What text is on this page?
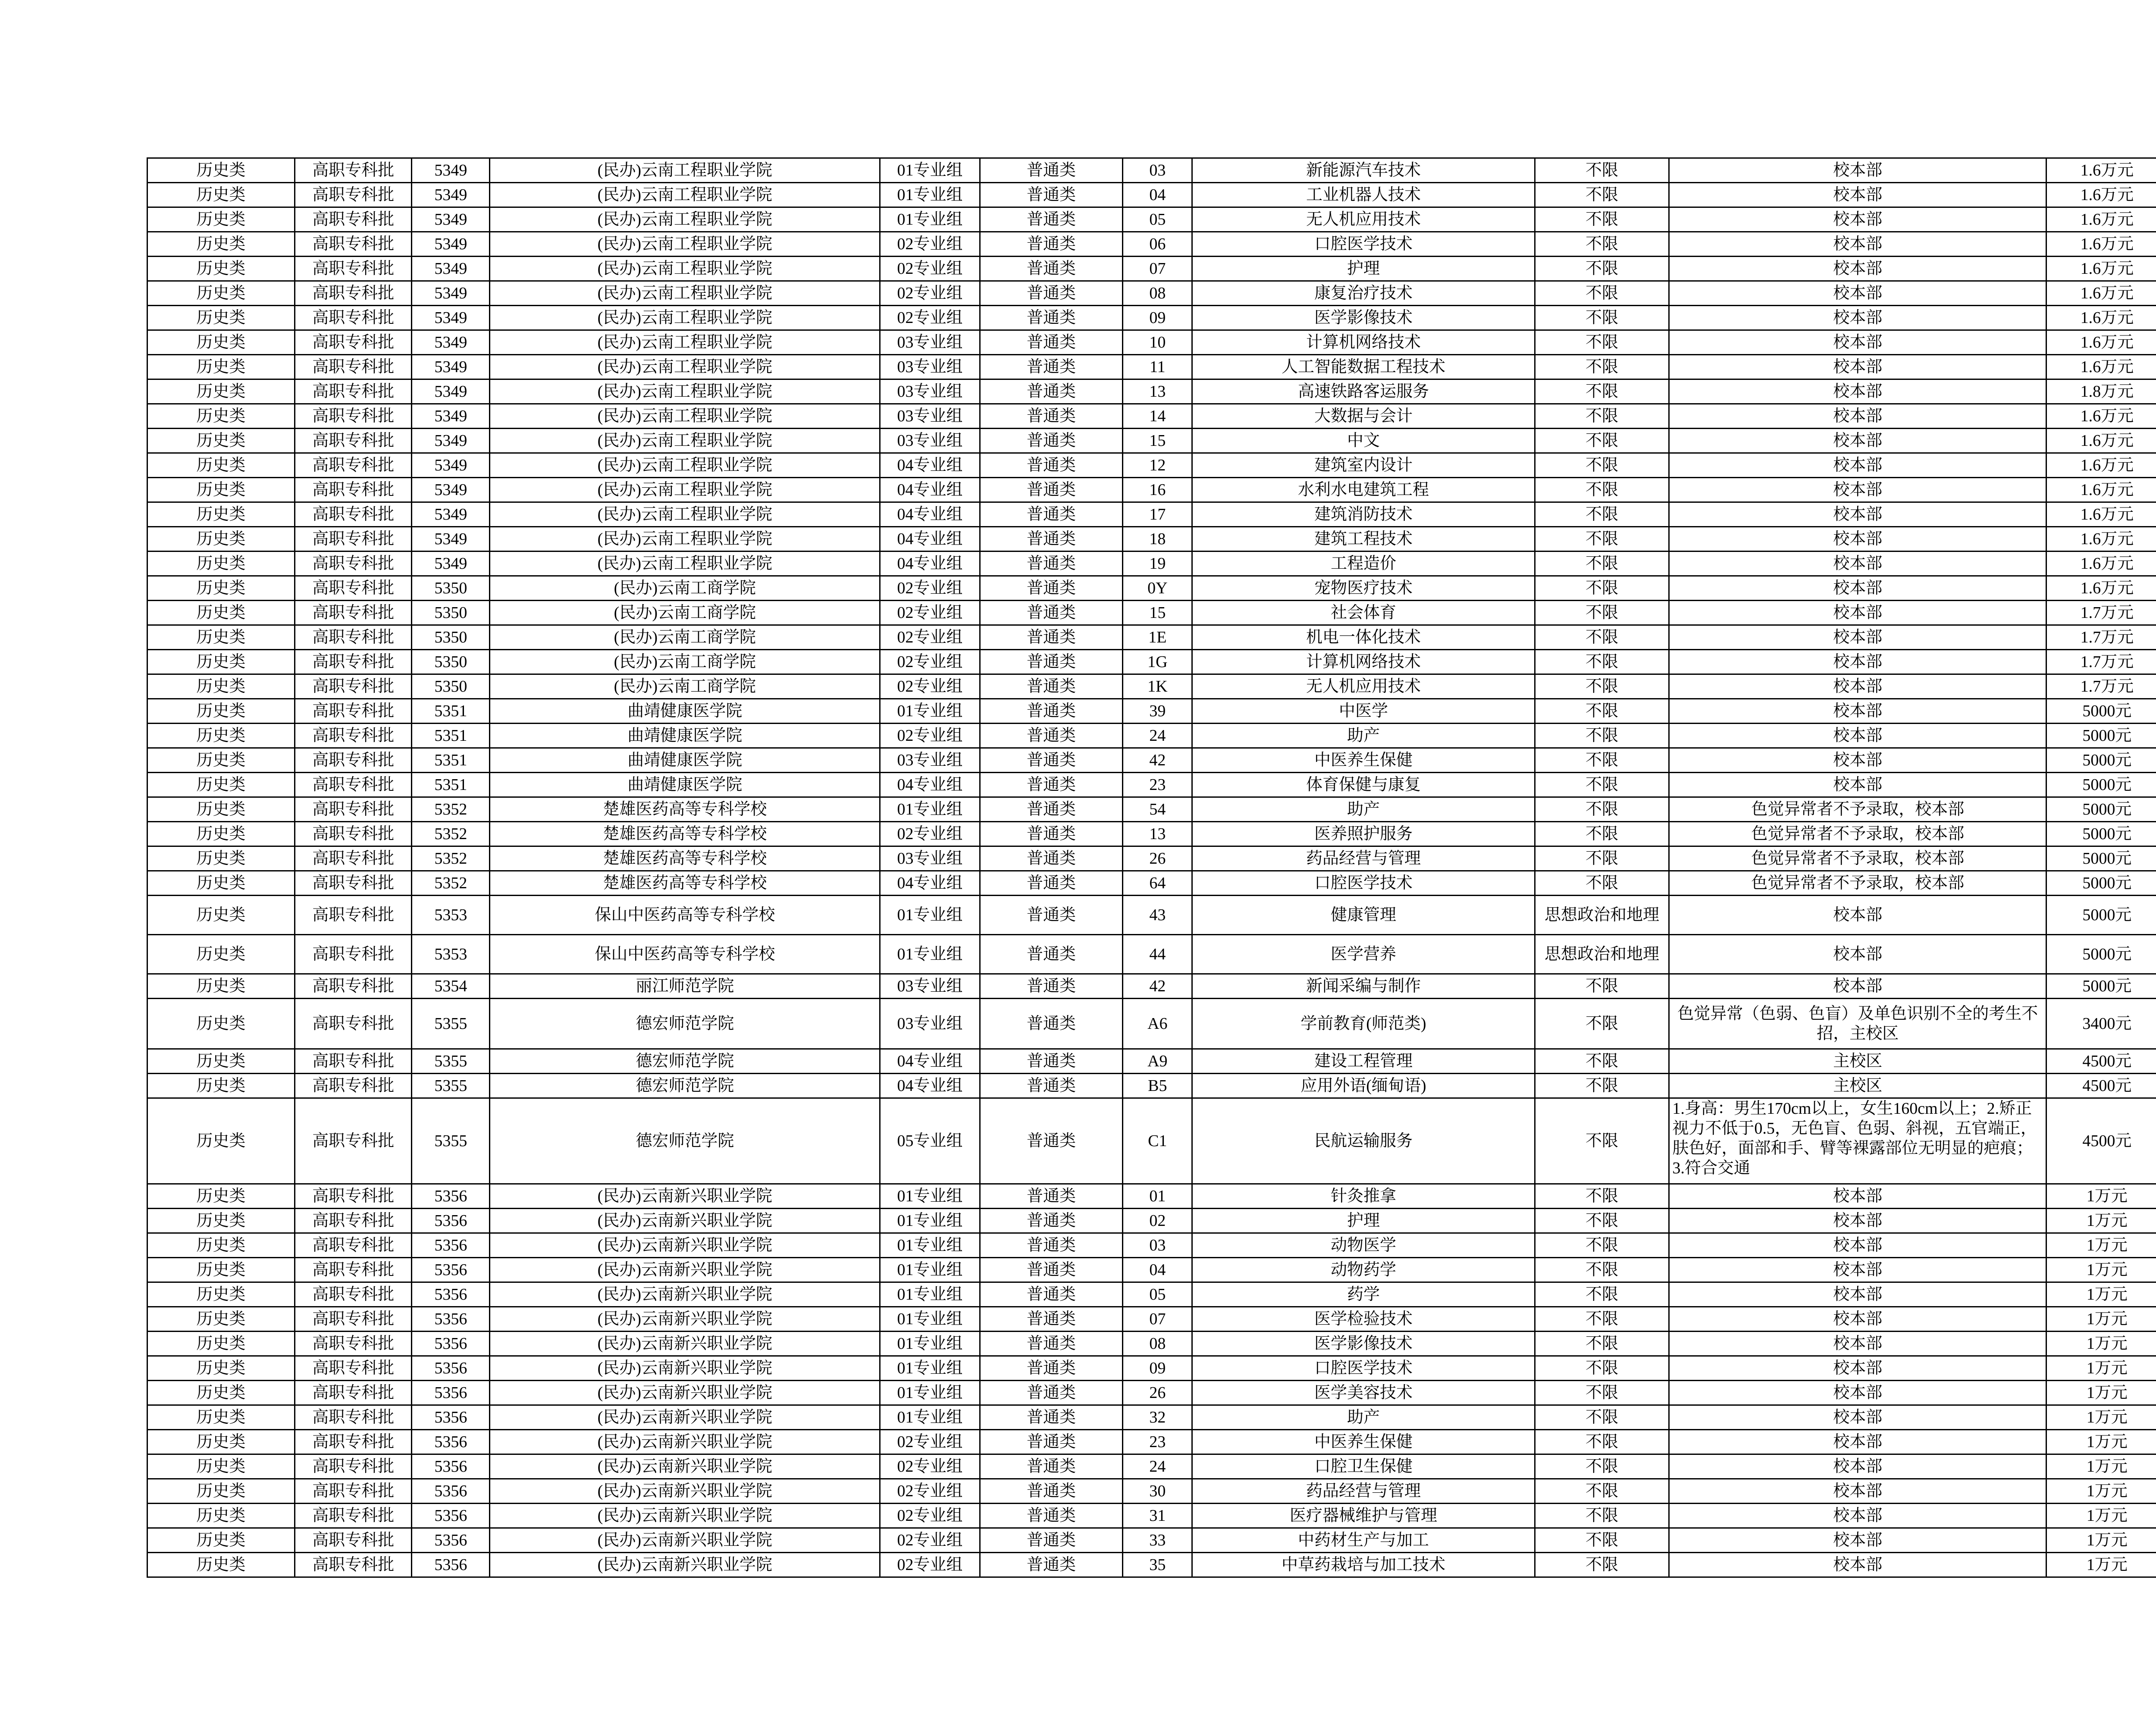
历史类	高职专科批	5349	(民办)云南工程职业学院	01专业组	普通类	03	新能源汽车技术	不限	校本部	1.6万元	
历史类	高职专科批	5349	(民办)云南工程职业学院	01专业组	普通类	04	工业机器人技术	不限	校本部	1.6万元	
历史类	高职专科批	5349	(民办)云南工程职业学院	01专业组	普通类	05	无人机应用技术	不限	校本部	1.6万元	
历史类	高职专科批	5349	(民办)云南工程职业学院	02专业组	普通类	06	口腔医学技术	不限	校本部	1.6万元	
历史类	高职专科批	5349	(民办)云南工程职业学院	02专业组	普通类	07	护理	不限	校本部	1.6万元	
历史类	高职专科批	5349	(民办)云南工程职业学院	02专业组	普通类	08	康复治疗技术	不限	校本部	1.6万元	
历史类	高职专科批	5349	(民办)云南工程职业学院	02专业组	普通类	09	医学影像技术	不限	校本部	1.6万元	
历史类	高职专科批	5349	(民办)云南工程职业学院	03专业组	普通类	10	计算机网络技术	不限	校本部	1.6万元	
历史类	高职专科批	5349	(民办)云南工程职业学院	03专业组	普通类	11	人工智能数据工程技术	不限	校本部	1.6万元	
历史类	高职专科批	5349	(民办)云南工程职业学院	03专业组	普通类	13	高速铁路客运服务	不限	校本部	1.8万元	
历史类	高职专科批	5349	(民办)云南工程职业学院	03专业组	普通类	14	大数据与会计	不限	校本部	1.6万元	
历史类	高职专科批	5349	(民办)云南工程职业学院	03专业组	普通类	15	中文	不限	校本部	1.6万元	
历史类	高职专科批	5349	(民办)云南工程职业学院	04专业组	普通类	12	建筑室内设计	不限	校本部	1.6万元	
历史类	高职专科批	5349	(民办)云南工程职业学院	04专业组	普通类	16	水利水电建筑工程	不限	校本部	1.6万元	
历史类	高职专科批	5349	(民办)云南工程职业学院	04专业组	普通类	17	建筑消防技术	不限	校本部	1.6万元	
历史类	高职专科批	5349	(民办)云南工程职业学院	04专业组	普通类	18	建筑工程技术	不限	校本部	1.6万元	
历史类	高职专科批	5349	(民办)云南工程职业学院	04专业组	普通类	19	工程造价	不限	校本部	1.6万元	
历史类	高职专科批	5350	(民办)云南工商学院	02专业组	普通类	0Y	宠物医疗技术	不限	校本部	1.6万元	
历史类	高职专科批	5350	(民办)云南工商学院	02专业组	普通类	15	社会体育	不限	校本部	1.7万元	
历史类	高职专科批	5350	(民办)云南工商学院	02专业组	普通类	1E	机电一体化技术	不限	校本部	1.7万元	
历史类	高职专科批	5350	(民办)云南工商学院	02专业组	普通类	1G	计算机网络技术	不限	校本部	1.7万元	
历史类	高职专科批	5350	(民办)云南工商学院	02专业组	普通类	1K	无人机应用技术	不限	校本部	1.7万元	
历史类	高职专科批	5351	曲靖健康医学院	01专业组	普通类	39	中医学	不限	校本部	5000元	
历史类	高职专科批	5351	曲靖健康医学院	02专业组	普通类	24	助产	不限	校本部	5000元	
历史类	高职专科批	5351	曲靖健康医学院	03专业组	普通类	42	中医养生保健	不限	校本部	5000元	
历史类	高职专科批	5351	曲靖健康医学院	04专业组	普通类	23	体育保健与康复	不限	校本部	5000元	
历史类	高职专科批	5352	楚雄医药高等专科学校	01专业组	普通类	54	助产	不限	色觉异常者不予录取，校本部	5000元	
历史类	高职专科批	5352	楚雄医药高等专科学校	02专业组	普通类	13	医养照护服务	不限	色觉异常者不予录取，校本部	5000元	
历史类	高职专科批	5352	楚雄医药高等专科学校	03专业组	普通类	26	药品经营与管理	不限	色觉异常者不予录取，校本部	5000元	
历史类	高职专科批	5352	楚雄医药高等专科学校	04专业组	普通类	64	口腔医学技术	不限	色觉异常者不予录取，校本部	5000元	
历史类	高职专科批	5353	保山中医药高等专科学校	01专业组	普通类	43	健康管理	思想政治和地理	校本部	5000元	
历史类	高职专科批	5353	保山中医药高等专科学校	01专业组	普通类	44	医学营养	思想政治和地理	校本部	5000元	
历史类	高职专科批	5354	丽江师范学院	03专业组	普通类	42	新闻采编与制作	不限	校本部	5000元	
历史类	高职专科批	5355	德宏师范学院	03专业组	普通类	A6	学前教育(师范类)	不限	色觉异常（色弱、色盲）及单色识别不全的考生不招，主校区	3400元	
历史类	高职专科批	5355	德宏师范学院	04专业组	普通类	A9	建设工程管理	不限	主校区	4500元	
历史类	高职专科批	5355	德宏师范学院	04专业组	普通类	B5	应用外语(缅甸语)	不限	主校区	4500元	
历史类	高职专科批	5355	德宏师范学院	05专业组	普通类	C1	民航运输服务	不限	1.身高：男生170cm以上，女生160cm以上；2.矫正视力不低于0.5，无色盲、色弱、斜视，五官端正，肤色好，面部和手、臂等裸露部位无明显的疤痕；3.符合交通	4500元	
历史类	高职专科批	5356	(民办)云南新兴职业学院	01专业组	普通类	01	针灸推拿	不限	校本部	1万元	
历史类	高职专科批	5356	(民办)云南新兴职业学院	01专业组	普通类	02	护理	不限	校本部	1万元	
历史类	高职专科批	5356	(民办)云南新兴职业学院	01专业组	普通类	03	动物医学	不限	校本部	1万元	
历史类	高职专科批	5356	(民办)云南新兴职业学院	01专业组	普通类	04	动物药学	不限	校本部	1万元	
历史类	高职专科批	5356	(民办)云南新兴职业学院	01专业组	普通类	05	药学	不限	校本部	1万元	
历史类	高职专科批	5356	(民办)云南新兴职业学院	01专业组	普通类	07	医学检验技术	不限	校本部	1万元	
历史类	高职专科批	5356	(民办)云南新兴职业学院	01专业组	普通类	08	医学影像技术	不限	校本部	1万元	
历史类	高职专科批	5356	(民办)云南新兴职业学院	01专业组	普通类	09	口腔医学技术	不限	校本部	1万元	
历史类	高职专科批	5356	(民办)云南新兴职业学院	01专业组	普通类	26	医学美容技术	不限	校本部	1万元	
历史类	高职专科批	5356	(民办)云南新兴职业学院	01专业组	普通类	32	助产	不限	校本部	1万元	
历史类	高职专科批	5356	(民办)云南新兴职业学院	02专业组	普通类	23	中医养生保健	不限	校本部	1万元	
历史类	高职专科批	5356	(民办)云南新兴职业学院	02专业组	普通类	24	口腔卫生保健	不限	校本部	1万元	
历史类	高职专科批	5356	(民办)云南新兴职业学院	02专业组	普通类	30	药品经营与管理	不限	校本部	1万元	
历史类	高职专科批	5356	(民办)云南新兴职业学院	02专业组	普通类	31	医疗器械维护与管理	不限	校本部	1万元	
历史类	高职专科批	5356	(民办)云南新兴职业学院	02专业组	普通类	33	中药材生产与加工	不限	校本部	1万元	
历史类	高职专科批	5356	(民办)云南新兴职业学院	02专业组	普通类	35	中草药栽培与加工技术	不限	校本部	1万元	
